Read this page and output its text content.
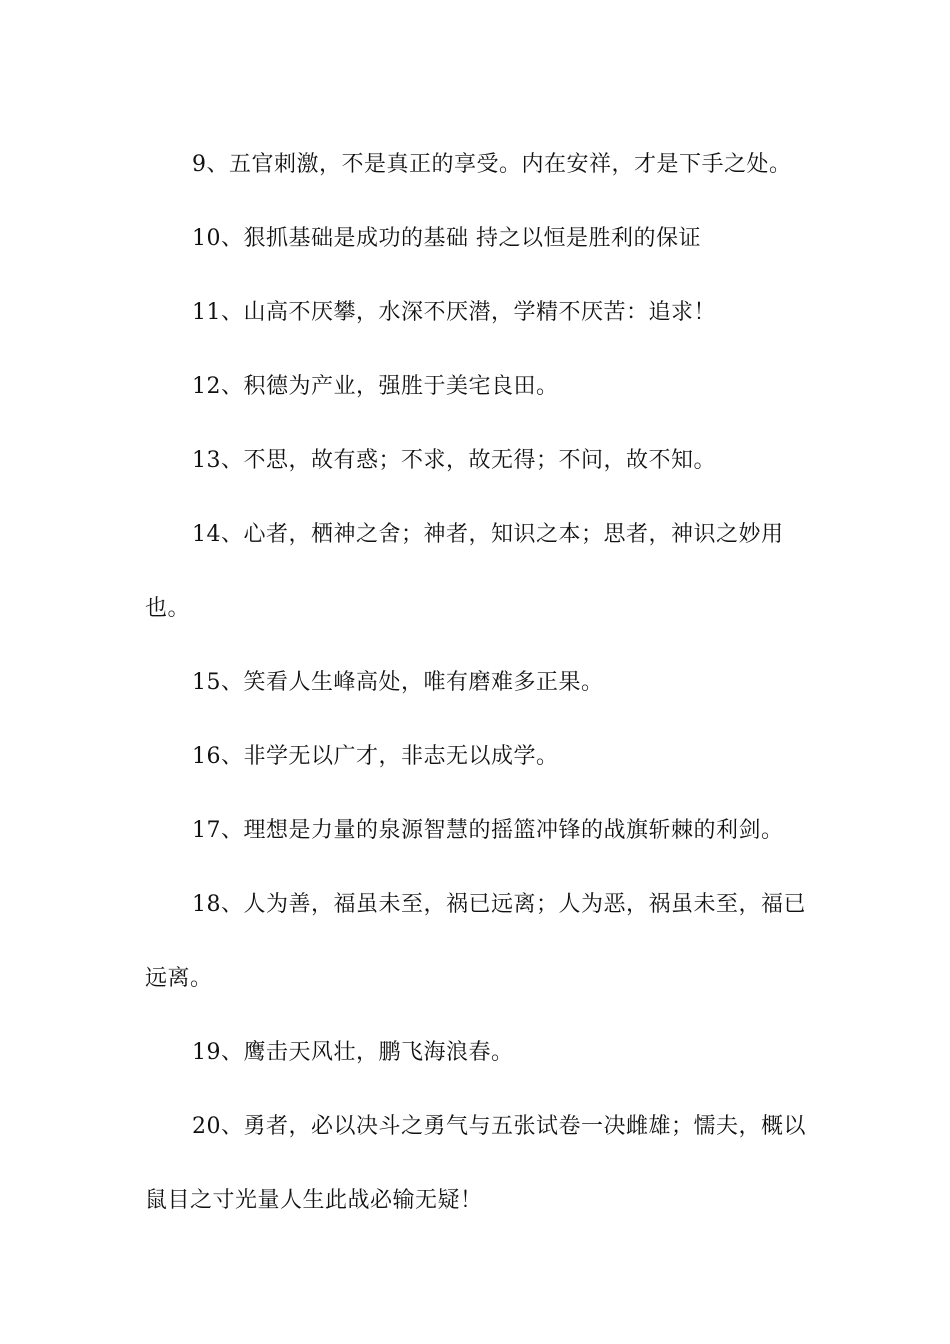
9、五官刺激，不是真正的享受。内在安祥，才是下手之处。

10、狠抓基础是成功的基础 持之以恒是胜利的保证

11、山高不厌攀，水深不厌潜，学精不厌苦：追求！

12、积德为产业，强胜于美宅良田。

13、不思，故有惑；不求，故无得；不问，故不知。

14、心者，栖神之舍；神者，知识之本；思者，神识之妙用也。

15、笑看人生峰高处，唯有磨难多正果。

16、非学无以广才，非志无以成学。

17、理想是力量的泉源智慧的摇篮冲锋的战旗斩棘的利剑。

18、人为善，福虽未至，祸已远离；人为恶，祸虽未至，福已远离。

19、鹰击天风壮，鹏飞海浪春。

20、勇者，必以决斗之勇气与五张试卷一决雌雄；懦夫，概以鼠目之寸光量人生此战必输无疑！
